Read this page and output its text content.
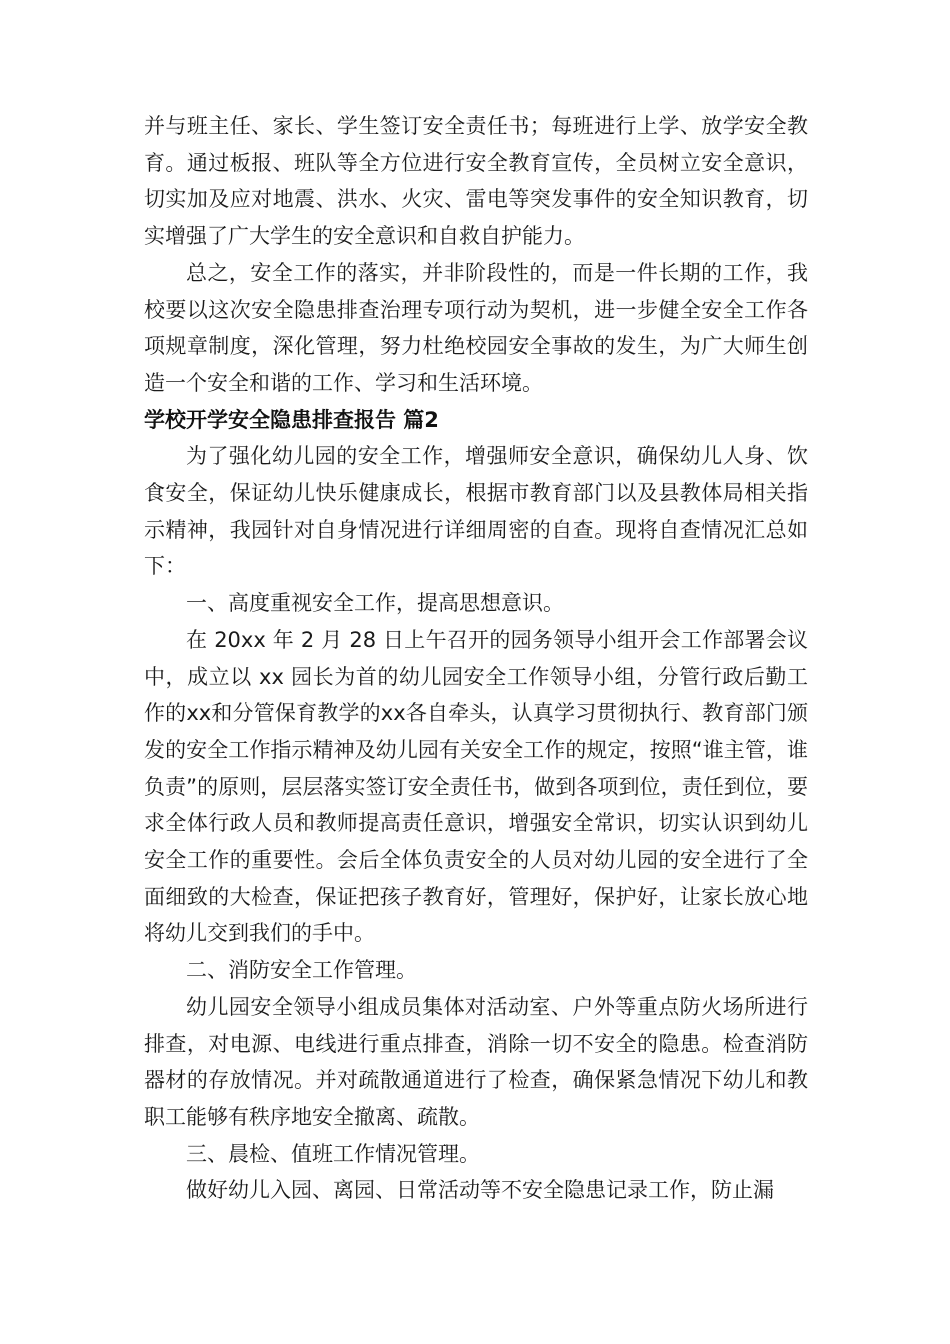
并与班主任、家长、学生签订安全责任书；每班进行上学、放学安全教育。通过板报、班队等全方位进行安全教育宣传，全员树立安全意识，切实加及应对地震、洪水、火灾、雷电等突发事件的安全知识教育，切实增强了广大学生的安全意识和自救自护能力。

总之，安全工作的落实，并非阶段性的，而是一件长期的工作，我校要以这次安全隐患排查治理专项行动为契机，进一步健全安全工作各项规章制度，深化管理，努力杜绝校园安全事故的发生，为广大师生创造一个安全和谐的工作、学习和生活环境。

学校开学安全隐患排查报告 篇2

为了强化幼儿园的安全工作，增强师安全意识，确保幼儿人身、饮食安全，保证幼儿快乐健康成长，根据市教育部门以及县教体局相关指示精神，我园针对自身情况进行详细周密的自查。现将自查情况汇总如下：

一、高度重视安全工作，提高思想意识。

在 20xx 年 2 月 28 日上午召开的园务领导小组开会工作部署会议中，成立以 xx 园长为首的幼儿园安全工作领导小组，分管行政后勤工作的xx和分管保育教学的xx各自牵头，认真学习贯彻执行、教育部门颁发的安全工作指示精神及幼儿园有关安全工作的规定，按照“谁主管，谁负责”的原则，层层落实签订安全责任书，做到各项到位，责任到位，要求全体行政人员和教师提高责任意识，增强安全常识，切实认识到幼儿安全工作的重要性。会后全体负责安全的人员对幼儿园的安全进行了全面细致的大检查，保证把孩子教育好，管理好，保护好，让家长放心地将幼儿交到我们的手中。

二、消防安全工作管理。

幼儿园安全领导小组成员集体对活动室、户外等重点防火场所进行排查，对电源、电线进行重点排查，消除一切不安全的隐患。检查消防器材的存放情况。并对疏散通道进行了检查，确保紧急情况下幼儿和教职工能够有秩序地安全撤离、疏散。

三、晨检、值班工作情况管理。

做好幼儿入园、离园、日常活动等不安全隐患记录工作，防止漏
